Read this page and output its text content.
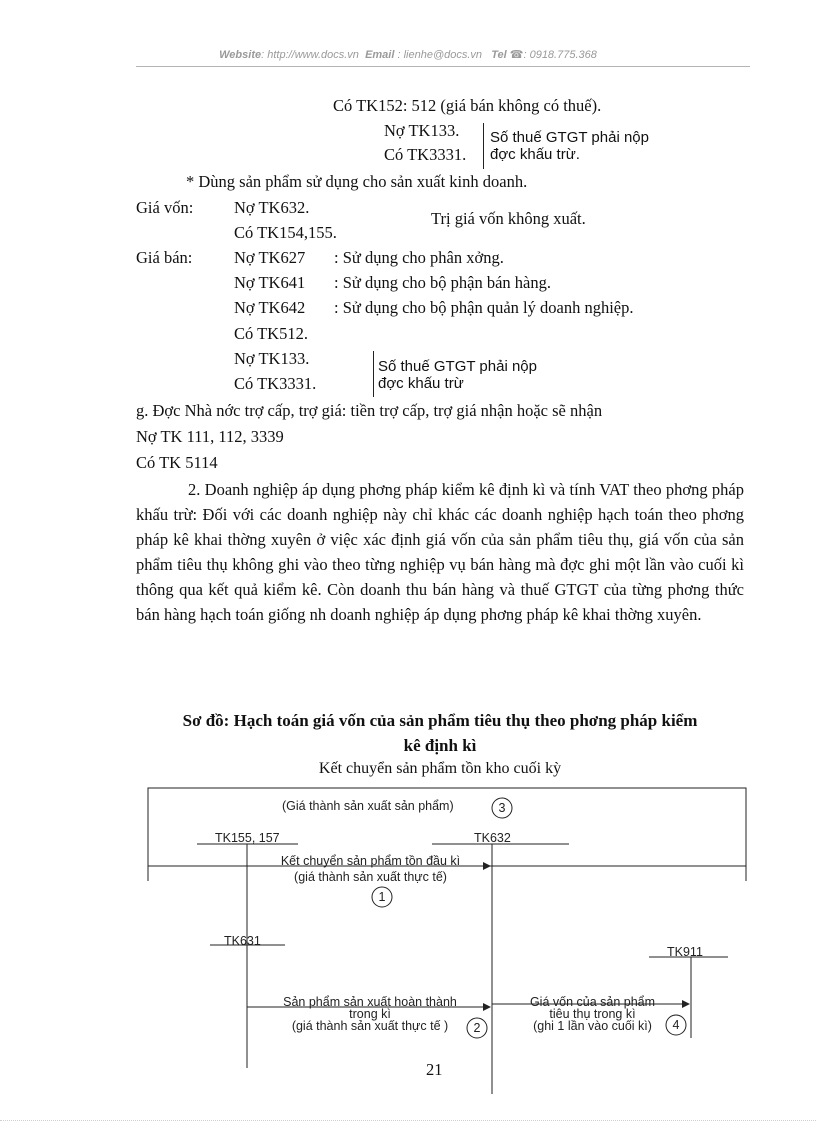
Website: http://www.docs.vn Email : lienhe@docs.vn Tel ☎: 0918.775.368
Có TK152: 512 (giá bán không có thuế).
Nợ TK133.
Có TK3331.
Số thuế GTGT phải nộp
đợc khấu trừ.
* Dùng sản phẩm sử dụng cho sản xuất kinh doanh.
Giá vốn: Nợ TK632.
Có TK154,155.
Trị giá vốn không xuất.
Giá bán:	Nợ TK627 : Sử dụng cho phân xởng.
Nợ TK641 : Sử dụng cho bộ phận bán hàng.
Nợ TK642 : Sử dụng cho bộ phận quản lý doanh nghiệp.
Có TK512.
Nợ TK133.
Có TK3331.
Số thuế GTGT phải nộp
đợc khấu trừ
g. Đợc Nhà nớc trợ cấp, trợ giá: tiền trợ cấp, trợ giá nhận hoặc sẽ nhận
Nợ TK 111, 112, 3339
Có TK 5114

2. Doanh nghiệp áp dụng phơng pháp kiểm kê định kì và tính VAT theo phơng pháp khấu trừ: Đối với các doanh nghiệp này chỉ khác các doanh nghiệp hạch toán theo phơng pháp kê khai thờng xuyên ở việc xác định giá vốn của sản phẩm tiêu thụ, giá vốn của sản phẩm tiêu thụ không ghi vào theo từng nghiệp vụ bán hàng mà đợc ghi một lần vào cuối kì thông qua kết quả kiểm kê. Còn doanh thu bán hàng và thuế GTGT của từng phơng thức bán hàng hạch toán giống nh doanh nghiệp áp dụng phơng pháp kê khai thờng xuyên.

Sơ đồ: Hạch toán giá vốn của sản phẩm tiêu thụ theo phơng pháp kiểm
kê định kì
Kết chuyển sản phẩm tồn kho cuối kỳ
(Giá thành sản xuất sản phẩm)	3
TK155, 157	TK632
Kết chuyển sản phẩm tồn đầu kì
(giá thành sản xuất thực tế)
1
TK631
TK911
Sản phẩm sản xuất hoàn thành
trong kì
(giá thành sản xuất thực tế )	2
Giá vốn của sản phẩm
tiêu thụ trong kì
(ghi 1 lần vào cuối kì)	4
21
